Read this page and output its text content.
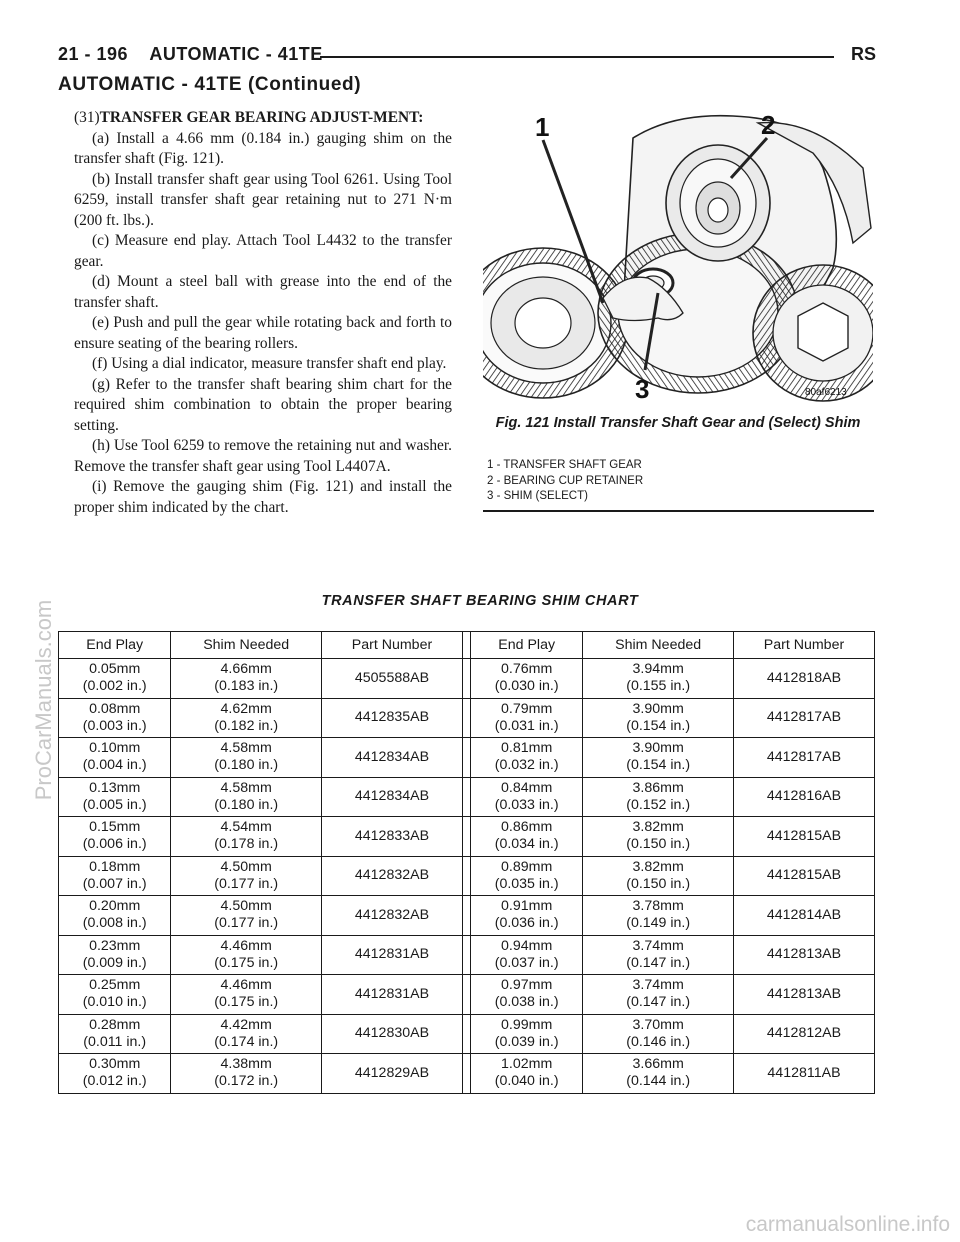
21 - 196    AUTOMATIC - 41TE	RS
AUTOMATIC - 41TE (Continued)

(31)TRANSFER GEAR BEARING ADJUST-MENT:

(a) Install a 4.66 mm (0.184 in.) gauging shim on the transfer shaft (Fig. 121).

(b) Install transfer shaft gear using Tool 6261. Using Tool 6259, install transfer shaft gear retaining nut to 271 N·m (200 ft. lbs.).

(c) Measure end play. Attach Tool L4432 to the transfer gear.

(d) Mount a steel ball with grease into the end of the transfer shaft.

(e) Push and pull the gear while rotating back and forth to ensure seating of the bearing rollers.

(f) Using a dial indicator, measure transfer shaft end play.

(g) Refer to the transfer shaft bearing shim chart for the required shim combination to obtain the proper bearing setting.

(h) Use Tool 6259 to remove the retaining nut and washer. Remove the transfer shaft gear using Tool L4407A.

(i) Remove the gauging shim (Fig. 121) and install the proper shim indicated by the chart.

1	2
3	80af6213
Fig. 121 Install Transfer Shaft Gear and (Select) Shim
1 - TRANSFER SHAFT GEAR
2 - BEARING CUP RETAINER
3 - SHIM (SELECT)
TRANSFER SHAFT BEARING SHIM CHART
End Play	Shim Needed	Part Number		End Play	Shim Needed	Part Number

0.05mm
(0.002 in.)	4.66mm
(0.183 in.)	4505588AB		0.76mm
(0.030 in.)	3.94mm
(0.155 in.)	4412818AB

0.08mm
(0.003 in.)	4.62mm
(0.182 in.)	4412835AB		0.79mm
(0.031 in.)	3.90mm
(0.154 in.)	4412817AB

0.10mm
(0.004 in.)	4.58mm
(0.180 in.)	4412834AB		0.81mm
(0.032 in.)	3.90mm
(0.154 in.)	4412817AB

0.13mm
(0.005 in.)	4.58mm
(0.180 in.)	4412834AB		0.84mm
(0.033 in.)	3.86mm
(0.152 in.)	4412816AB

0.15mm
(0.006 in.)	4.54mm
(0.178 in.)	4412833AB		0.86mm
(0.034 in.)	3.82mm
(0.150 in.)	4412815AB

0.18mm
(0.007 in.)	4.50mm
(0.177 in.)	4412832AB		0.89mm
(0.035 in.)	3.82mm
(0.150 in.)	4412815AB

0.20mm
(0.008 in.)	4.50mm
(0.177 in.)	4412832AB		0.91mm
(0.036 in.)	3.78mm
(0.149 in.)	4412814AB

0.23mm
(0.009 in.)	4.46mm
(0.175 in.)	4412831AB		0.94mm
(0.037 in.)	3.74mm
(0.147 in.)	4412813AB

0.25mm
(0.010 in.)	4.46mm
(0.175 in.)	4412831AB		0.97mm
(0.038 in.)	3.74mm
(0.147 in.)	4412813AB

0.28mm
(0.011 in.)	4.42mm
(0.174 in.)	4412830AB		0.99mm
(0.039 in.)	3.70mm
(0.146 in.)	4412812AB

0.30mm
(0.012 in.)	4.38mm
(0.172 in.)	4412829AB		1.02mm
(0.040 in.)	3.66mm
(0.144 in.)	4412811AB
ProCarManuals.com
carmanualsonline.info
